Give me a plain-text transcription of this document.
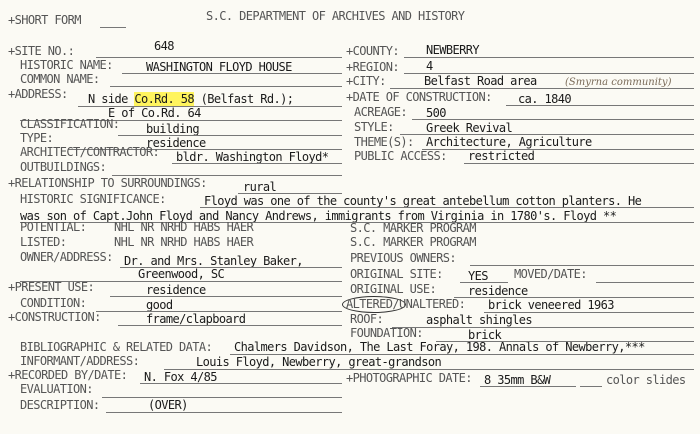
+SHORT FORM	S.C. DEPARTMENT OF ARCHIVES AND HISTORY
+SITE NO.:	648
HISTORIC NAME:	WASHINGTON FLOYD HOUSE
COMMON NAME:
+ADDRESS: N side Co.Rd. 58 (Belfast Rd.);
E of Co.Rd. 64
CLASSIFICATION: building
TYPE:	residence
ARCHITECT/CONTRACTOR: bldr. Washington Floyd*
OUTBUILDINGS:
+RELATIONSHIP TO SURROUNDINGS:	rural
HISTORIC SIGNIFICANCE:	Floyd was one of the county's great antebellum cotton planters. He
was son of Capt.John Floyd and Nancy Andrews, immigrants from Virginia in 1780's. Floyd **
POTENTIAL: NHL NR NRHD HABS HAER
LISTED:	NHL NR NRHD HABS HAER
OWNER/ADDRESS: Dr. and Mrs. Stanley Baker,
Greenwood, SC
+PRESENT USE:	residence
CONDITION:	good
+CONSTRUCTION:	frame/clapboard
BIBLIOGRAPHIC & RELATED DATA: Chalmers Davidson, The Last Foray, 198. Annals of Newberry,***
INFORMANT/ADDRESS:	Louis Floyd, Newberry, great-grandson
+RECORDED BY/DATE: N. Fox 4/85
EVALUATION:
DESCRIPTION:	(OVER)
+COUNTY: NEWBERRY
+REGION: 4
+CITY:	Belfast Road area	(Smyrna community)
+DATE OF CONSTRUCTION: ca. 1840
ACREAGE: 500
STYLE:	Greek Revival
THEME(S): Architecture, Agriculture
PUBLIC ACCESS: restricted
S.C. MARKER PROGRAM
S.C. MARKER PROGRAM
PREVIOUS OWNERS:
ORIGINAL SITE: YES MOVED/DATE:
ORIGINAL USE:	residence
ALTERED/UNALTERED: brick veneered 1963
ROOF:	asphalt shingles
FOUNDATION:	brick
+PHOTOGRAPHIC DATE: 8 35mm B&W	color slides
